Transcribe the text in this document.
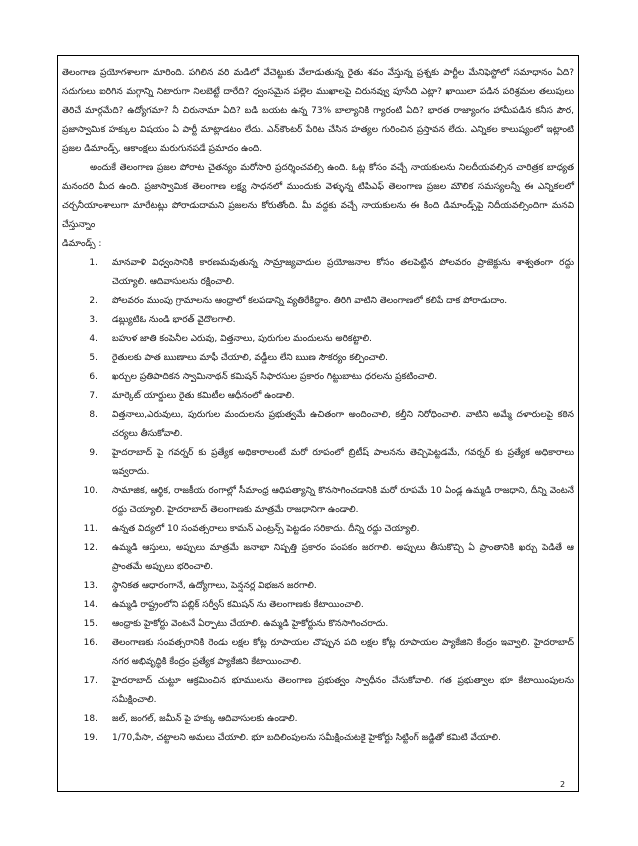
తెలంగాణ ప్రయోగశాలగా మారింది. పగిలిన వరి మడిలో వేచెట్టుకు వేలాడుతున్న రైతు శవం వేస్తున్న ప్రశ్నకు పార్టీల మేనిఫెస్టోలో సమాధానం ఏది? సదుగులు ఐరిగిన మగ్గాన్ని నిటారుగా నిలబెట్టే దారేది? ధ్వంసమైన పల్లెల ముఖాలపై చిరునవ్వు పూసేది ఎట్లా? ఖాయిలా పడిన పరిశ్రమల తలుపులు తెరిచే మార్గమేది? ఉద్యోగమా? నీ చిరునామా ఏది? బడి బయట ఉన్న 73% బాల్యానికి గ్యారంటి ఏది? భారత రాజ్యాంగం హామీపడిన కనీస పౌర, ప్రజాస్వామిక హక్కుల విషయం ఏ పార్టీ మాట్లాడటం లేదు. ఎన్‌కౌంటర్ పేరిట చేసిన హత్యల గురించిన ప్రస్తావన లేదు. ఎన్నికల కాలుష్యంలో ఇట్లాంటి ప్రజల డిమాండ్స్, ఆకాంక్షలు మరుగునపడే ప్రమాదం ఉంది.

అందుకే తెలంగాణ ప్రజల పోరాట చైతన్యం మరోసారి ప్రదర్శించవల్సి ఉంది. ఓట్ల కోసం వచ్చే నాయకులను నిలదీయవల్సిన చారిత్రక బాధ్యత మనందరి మీద ఉంది. ప్రజాస్వామిక తెలంగాణ లక్ష్య సాధనలో ముందుకు వెళ్ళున్న టిపిఎఫ్ తెలంగాణ ప్రజల మౌలిక సమస్యలన్నీ ఈ ఎన్నికలలో చర్చనీయాంశాలుగా మారేటట్లు పోరాడుదామని ప్రజలను కోరుతోంది. మీ వద్దకు వచ్చే నాయకులను ఈ కింది డిమాండ్స్‌పై నిదీయవల్సిందిగా మనవి చేస్తున్నాం

డిమాండ్స్ :

1.	మానవాళి విధ్వంసానికి కారణమవుతున్న సామ్రాజ్యవాదుల ప్రయోజనాల కోసం తలపెట్టిన పోలవరం ప్రాజెక్టును శాశ్వతంగా రద్దు చెయ్యాలి. ఆదివాసులను రక్షించాలి.
2.	పోలవరం ముంపు గ్రామాలను ఆంధ్రాలో కలపడాన్ని వ్యతిరేకిద్దాం. తిరిగి వాటిని తెలంగాణలో కలిపే దాక పోరాడుదాం.
3.	డబ్ల్యుటిఓ నుండి భారత్ వైదొలగాలి.
4.	బహుళ జాతి కంపెనీల ఎరువు, విత్తనాలు, పురుగుల మందులను అరికట్టాలి.
5.	రైతులకు పాత ఋణాలు మాఫీ చేయాలి, వడ్డీలు లేని ఋణ సౌకర్యం కల్పించాలి.
6.	ఖర్చుల ప్రతిపాదికన స్వామినాథన్ కమిషన్ సిఫారసుల ప్రకారం గిట్టుబాటు ధరలను ప్రకటించాలి.
7.	మార్కెట్ యార్డులు రైతు కమిటీల ఆధీనంలో ఉండాలి.
8.	విత్తనాలు,ఎరువులు, పురుగుల మందులను ప్రభుత్వమే ఉచితంగా అందించాలి, కల్తీని నిరోధించాలి. వాటిని అమ్మే దళారులపై కఠిన చర్యలు తీసుకోవాలి.
9.	హైదరాబాద్ పై గవర్నర్ కు ప్రత్యేక అధికారాలంటే మరో రూపంలో బ్రిటీష్ పాలనను తెచ్చిపెట్టడమే, గవర్నర్ కు ప్రత్యేక అధికారాలు ఇవ్వరాదు.
10.	సామాజిక, ఆర్థిక, రాజకీయ రంగాల్లో సీమాంధ్ర ఆధిపత్యాన్ని కొనసాగించడానికి మరో రూపమే 10 ఏండ్ల ఉమ్మడి రాజధాని, దీన్ని వెంటనే రద్దు చెయ్యాలి. హైదరాబాద్ తెలంగాణకు మాత్రమే రాజధానిగా ఉండాలి.
11.	ఉన్నత విద్యలో 10 సంవత్సరాలు కామన్ ఎంట్రన్స్ పెట్టడం సరికాదు. దీన్ని రద్దు చెయ్యాలి.
12.	ఉమ్మడి ఆస్తులు, అప్పులు మాత్రమే జనాభా నిష్పత్తి ప్రకారం పంపకం జరగాలి. అప్పులు తీసుకొచ్చి ఏ ప్రాంతానికి ఖర్చు పెడితే ఆ ప్రాంతమే అప్పులు భరించాలి.
13.	స్థానికత ఆధారంగానే, ఉద్యోగాలు, పెన్షనర్ల విభజన జరగాలి.
14.	ఉమ్మడి రాష్ట్రంలోని పబ్లిక్ సర్వీస్ కమిషన్ ను తెలంగాణకు కేటాయించాలి.
15.	ఆంధ్రాకు హైకోర్టు వెంటనే ఏర్పాటు చేయాలి. ఉమ్మడి హైకోర్టును కొనసాగించరాదు.
16.	తెలంగాణకు సంవత్సరానికి రెండు లక్షల కోట్ల రూపాయల చొప్పున పది లక్షల కోట్ల రూపాయల ప్యాకేజిని కేంద్రం ఇవ్వాలి. హైదరాబాద్ నగర అభివృద్ధికి కేంద్రం ప్రత్యేక ప్యాకేజిని కేటాయించాలి.
17.	హైదరాబాద్ చుట్టూ ఆక్రమించిన భూములను తెలంగాణ ప్రభుత్వం స్వాధీనం చేసుకోవాలి. గత ప్రభుత్వాల భూ కేటాయింపులను సమీక్షించాలి.
18.	జల్, జంగల్, జమీన్ పై హక్కు ఆదివాసులకు ఉండాలి.
19.	1/70,పేసా, చట్టాలని అమలు చేయాలి. భూ బదిలింపులను సమీక్షించుటకై హైకోర్టు సిట్టింగ్ జడ్జితో కమిటి వేయాలి.
2
